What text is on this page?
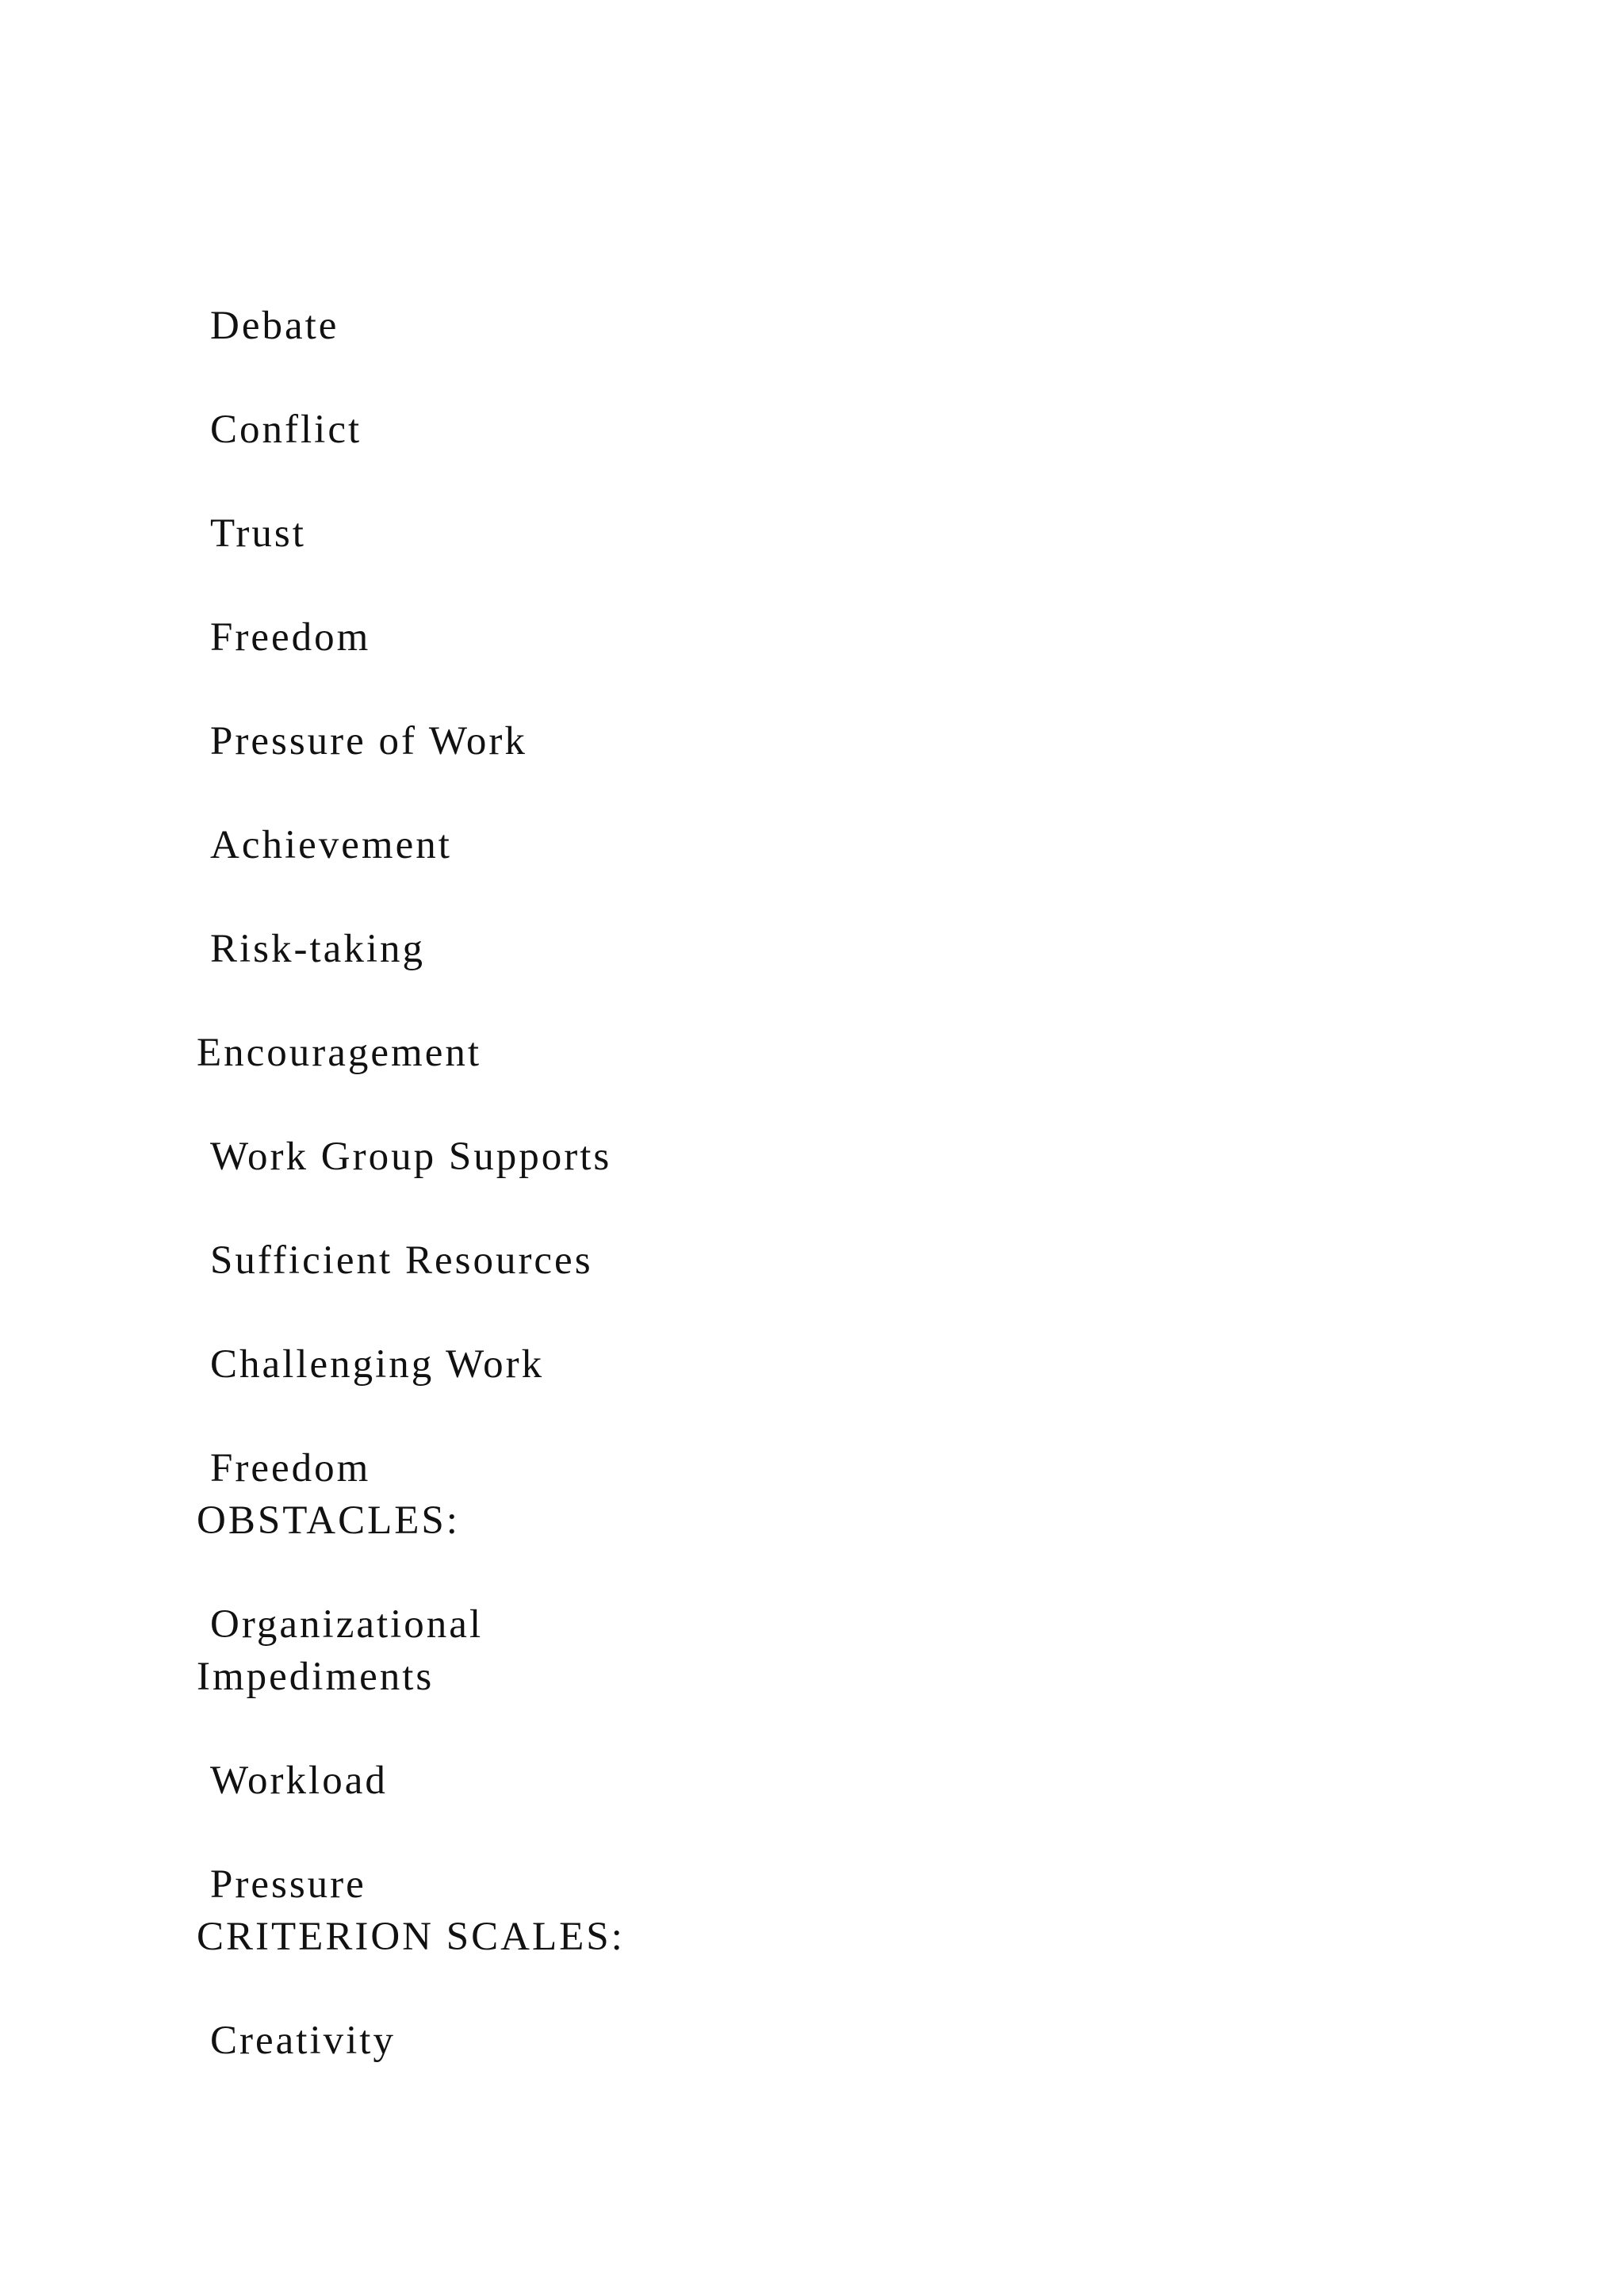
Debate
Conflict
Trust
Freedom
Pressure of Work
Achievement
Risk-taking
Encouragement
Work Group Supports
Sufficient Resources
Challenging Work
Freedom
OBSTACLES:
Organizational
Impediments
Workload
Pressure
CRITERION SCALES:
Creativity
